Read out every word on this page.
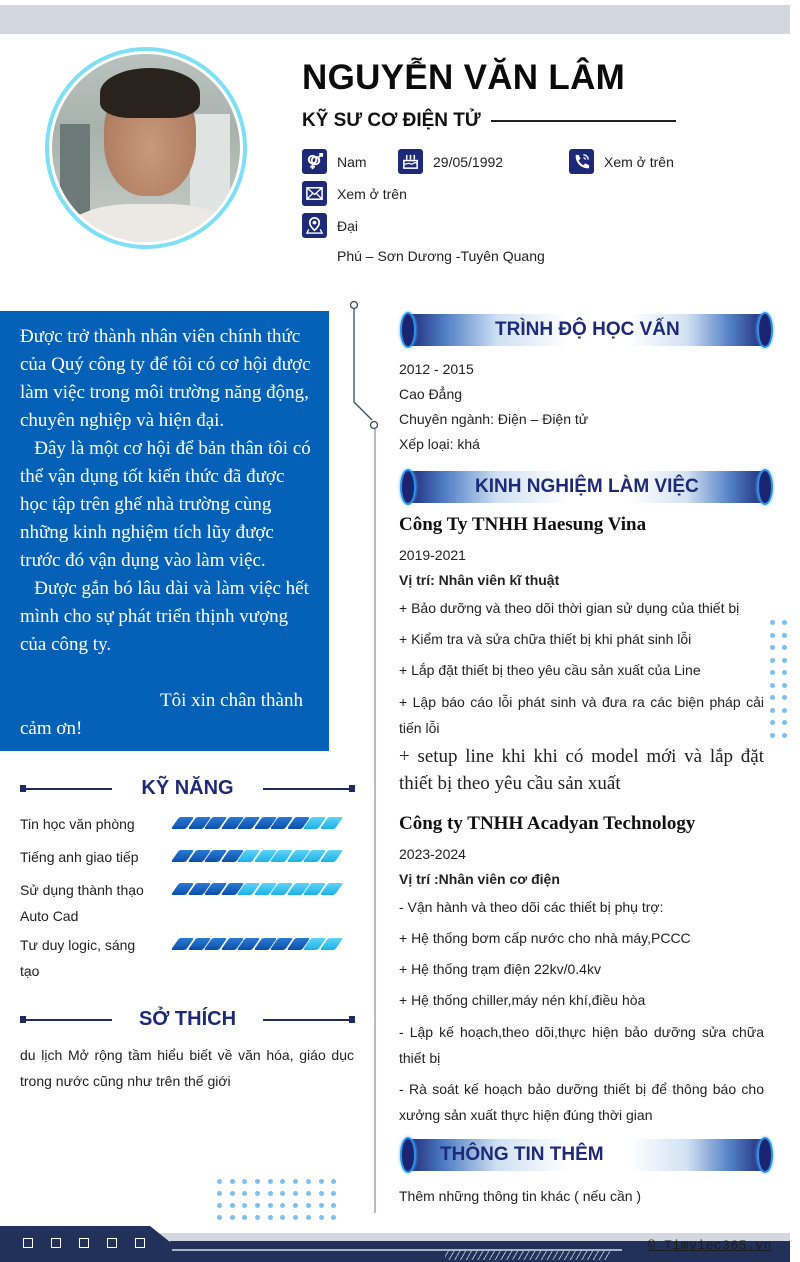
NGUYỄN VĂN LÂM
KỸ SƯ CƠ ĐIỆN TỬ
Nam	29/05/1992	Xem ở trên
Xem ở trên
Đại
Phú – Sơn Dương -Tuyên Quang

Được trở thành nhân viên chính thức của Quý công ty để tôi có cơ hội được làm việc trong môi trường năng động, chuyên nghiệp và hiện đại.

Đây là một cơ hội để bản thân tôi có thể vận dụng tốt kiến thức đã được học tập trên ghế nhà trường cùng những kinh nghiệm tích lũy được trước đó vận dụng vào làm việc.

Được gắn bó lâu dài và làm việc hết mình cho sự phát triển thịnh vượng của công ty.

Tôi xin chân thành

cảm ơn!

KỸ NĂNG
Tin học văn phòng
Tiếng anh giao tiếp
Sử dụng thành thạo
Auto Cad
Tư duy logic, sáng
tạo
SỞ THÍCH
du lịch Mở rộng tầm hiểu biết về văn hóa, giáo dục trong nước cũng như trên thế giới
TRÌNH ĐỘ HỌC VẤN
2012 - 2015
Cao Đẳng
Chuyên ngành: Điện – Điện tử
Xếp loại: khá
KINH NGHIỆM LÀM VIỆC
Công Ty TNHH Haesung Vina
2019-2021
Vị trí: Nhân viên kĩ thuật
+ Bảo dưỡng và theo dõi thời gian sử dụng của thiết bị
+ Kiểm tra và sửa chữa thiết bị khi phát sinh lỗi
+ Lắp đặt thiết bị theo yêu cầu sản xuất của Line
+ Lập báo cáo lỗi phát sinh và đưa ra các biện pháp cải tiến lỗi
+ setup line khi khi có model mới và lắp đặt thiết bị theo yêu cầu sản xuất
Công ty TNHH Acadyan Technology
2023-2024
Vị trí :Nhân viên cơ điện
- Vận hành và theo dõi các thiết bị phụ trợ:
+ Hệ thống bơm cấp nước cho nhà máy,PCCC
+ Hệ thống trạm điện 22kv/0.4kv
+ Hệ thống chiller,máy nén khí,điều hòa
- Lập kế hoạch,theo dõi,thực hiện bảo dưỡng sửa chữa thiết bị
- Rà soát kế hoạch bảo dưỡng thiết bị để thông báo cho xưởng sản xuất thực hiện đúng thời gian
THÔNG TIN THÊM
Thêm những thông tin khác ( nếu cần )
© Timviec365.vn
